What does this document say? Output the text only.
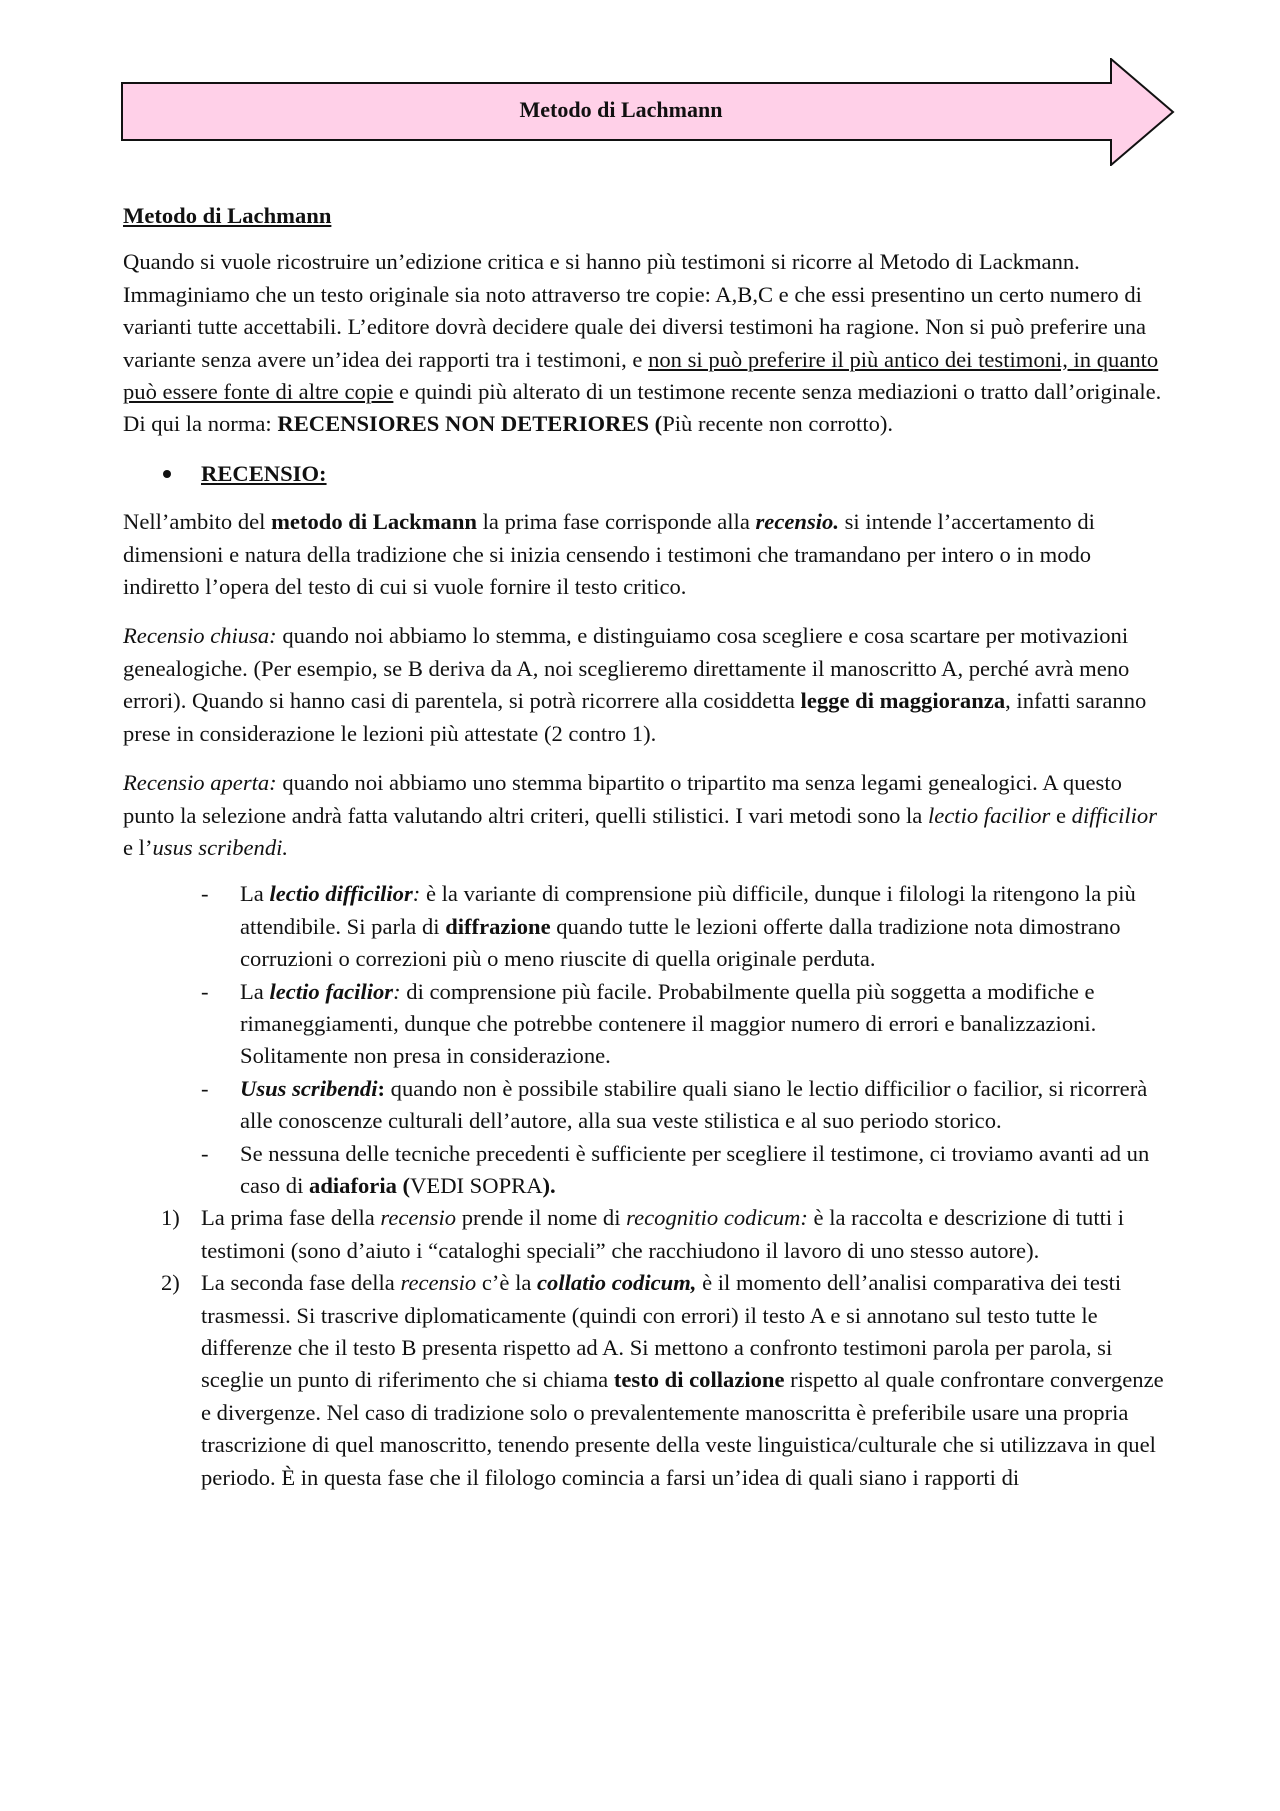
Metodo di Lachmann

Metodo di Lachmann

Quando si vuole ricostruire un’edizione critica e si hanno più testimoni si ricorre al Metodo di Lackmann. Immaginiamo che un testo originale sia noto attraverso tre copie: A,B,C e che essi presentino un certo numero di varianti tutte accettabili. L’editore dovrà decidere quale dei diversi testimoni ha ragione. Non si può preferire una variante senza avere un’idea dei rapporti tra i testimoni, e non si può preferire il più antico dei testimoni, in quanto può essere fonte di altre copie e quindi più alterato di un testimone recente senza mediazioni o tratto dall’originale. Di qui la norma: RECENSIORES NON DETERIORES (Più recente non corrotto).

RECENSIO:

Nell’ambito del metodo di Lackmann la prima fase corrisponde alla recensio. si intende l’accertamento di dimensioni e natura della tradizione che si inizia censendo i testimoni che tramandano per intero o in modo indiretto l’opera del testo di cui si vuole fornire il testo critico.

Recensio chiusa: quando noi abbiamo lo stemma, e distinguiamo cosa scegliere e cosa scartare per motivazioni genealogiche. (Per esempio, se B deriva da A, noi sceglieremo direttamente il manoscritto A, perché avrà meno errori). Quando si hanno casi di parentela, si potrà ricorrere alla cosiddetta legge di maggioranza, infatti saranno prese in considerazione le lezioni più attestate (2 contro 1).

Recensio aperta: quando noi abbiamo uno stemma bipartito o tripartito ma senza legami genealogici. A questo punto la selezione andrà fatta valutando altri criteri, quelli stilistici. I vari metodi sono la lectio facilior e difficilior e l’usus scribendi.

- La lectio difficilior: è la variante di comprensione più difficile, dunque i filologi la ritengono la più attendibile. Si parla di diffrazione quando tutte le lezioni offerte dalla tradizione nota dimostrano corruzioni o correzioni più o meno riuscite di quella originale perduta.
- La lectio facilior: di comprensione più facile. Probabilmente quella più soggetta a modifiche e rimaneggiamenti, dunque che potrebbe contenere il maggior numero di errori e banalizzazioni. Solitamente non presa in considerazione.
- Usus scribendi: quando non è possibile stabilire quali siano le lectio difficilior o facilior, si ricorrerà alle conoscenze culturali dell’autore, alla sua veste stilistica e al suo periodo storico.
- Se nessuna delle tecniche precedenti è sufficiente per scegliere il testimone, ci troviamo avanti ad un caso di adiaforia (VEDI SOPRA).
1) La prima fase della recensio prende il nome di recognitio codicum: è la raccolta e descrizione di tutti i testimoni (sono d’aiuto i “cataloghi speciali” che racchiudono il lavoro di uno stesso autore).
2) La seconda fase della recensio c’è la collatio codicum, è il momento dell’analisi comparativa dei testi trasmessi. Si trascrive diplomaticamente (quindi con errori) il testo A e si annotano sul testo tutte le differenze che il testo B presenta rispetto ad A. Si mettono a confronto testimoni parola per parola, si sceglie un punto di riferimento che si chiama testo di collazione rispetto al quale confrontare convergenze e divergenze. Nel caso di tradizione solo o prevalentemente manoscritta è preferibile usare una propria trascrizione di quel manoscritto, tenendo presente della veste linguistica/culturale che si utilizzava in quel periodo. È in questa fase che il filologo comincia a farsi un’idea di quali siano i rapporti di
